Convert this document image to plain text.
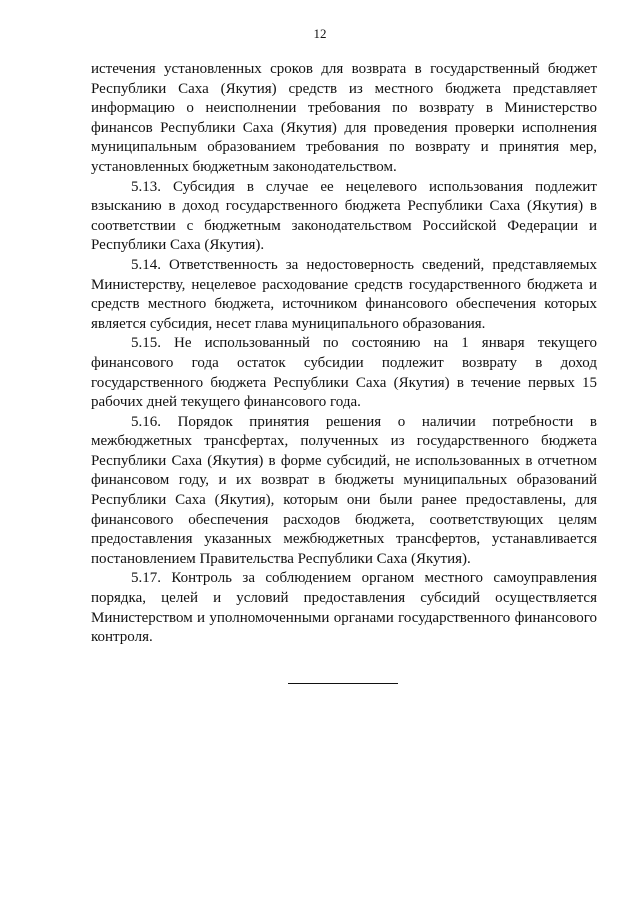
12

истечения установленных сроков для возврата в государственный бюджет Республики Саха (Якутия) средств из местного бюджета представляет информацию о неисполнении требования по возврату в Министерство финансов Республики Саха (Якутия) для проведения проверки исполнения муниципальным образованием требования по возврату и принятия мер, установленных бюджетным законодательством.

5.13. Субсидия в случае ее нецелевого использования подлежит взысканию в доход государственного бюджета Республики Саха (Якутия) в соответствии с бюджетным законодательством Российской Федерации и Республики Саха (Якутия).

5.14. Ответственность за недостоверность сведений, представляемых Министерству, нецелевое расходование средств государственного бюджета и средств местного бюджета, источником финансового обеспечения которых является субсидия, несет глава муниципального образования.

5.15. Не использованный по состоянию на 1 января текущего финансового года остаток субсидии подлежит возврату в доход государственного бюджета Республики Саха (Якутия) в течение первых 15 рабочих дней текущего финансового года.

5.16. Порядок принятия решения о наличии потребности в межбюджетных трансфертах, полученных из государственного бюджета Республики Саха (Якутия) в форме субсидий, не использованных в отчетном финансовом году, и их возврат в бюджеты муниципальных образований Республики Саха (Якутия), которым они были ранее предоставлены, для финансового обеспечения расходов бюджета, соответствующих целям предоставления указанных межбюджетных трансфертов, устанавливается постановлением Правительства Республики Саха (Якутия).

5.17. Контроль за соблюдением органом местного самоуправления порядка, целей и условий предоставления субсидий осуществляется Министерством и уполномоченными органами государственного финансового контроля.
